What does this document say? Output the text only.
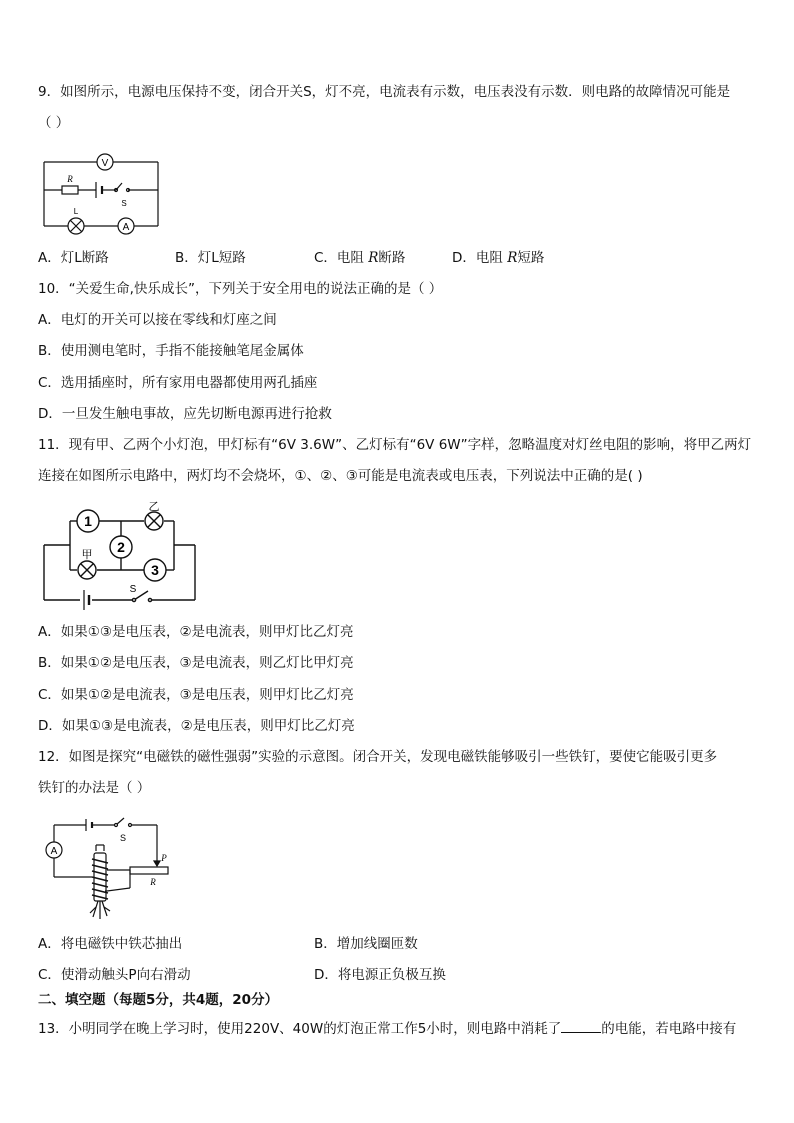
9．如图所示，电源电压保持不变，闭合开关S，灯不亮，电流表有示数，电压表没有示数．则电路的故障情况可能是
（ ）
V
R
L
S
A
A．灯L断路	B．灯L短路	C．电阻 R断路	D．电阻 R短路
10．“关爱生命,快乐成长”，下列关于安全用电的说法正确的是（ ）
A．电灯的开关可以接在零线和灯座之间
B．使用测电笔时，手指不能接触笔尾金属体
C．选用插座时，所有家用电器都使用两孔插座
D．一旦发生触电事故，应先切断电源再进行抢救
11．现有甲、乙两个小灯泡，甲灯标有“6V 3.6W”、乙灯标有“6V 6W”字样，忽略温度对灯丝电阻的影响，将甲乙两灯
连接在如图所示电路中，两灯均不会烧坏，①、②、③可能是电流表或电压表，下列说法中正确的是( )
1
2
3
乙
甲
S
A．如果①③是电压表，②是电流表，则甲灯比乙灯亮
B．如果①②是电压表，③是电流表，则乙灯比甲灯亮
C．如果①②是电流表，③是电压表，则甲灯比乙灯亮
D．如果①③是电流表，②是电压表，则甲灯比乙灯亮
12．如图是探究“电磁铁的磁性强弱”实验的示意图。闭合开关，发现电磁铁能够吸引一些铁钉，要使它能吸引更多
铁钉的办法是（ ）
A
S
P
R
A．将电磁铁中铁芯抽出	B．增加线圈匝数
C．使滑动触头P向右滑动	D．将电源正负极互换
二、填空题（每题5分，共4题，20分）
13．小明同学在晚上学习时，使用220V、40W的灯泡正常工作5小时，则电路中消耗了	的电能，若电路中接有
